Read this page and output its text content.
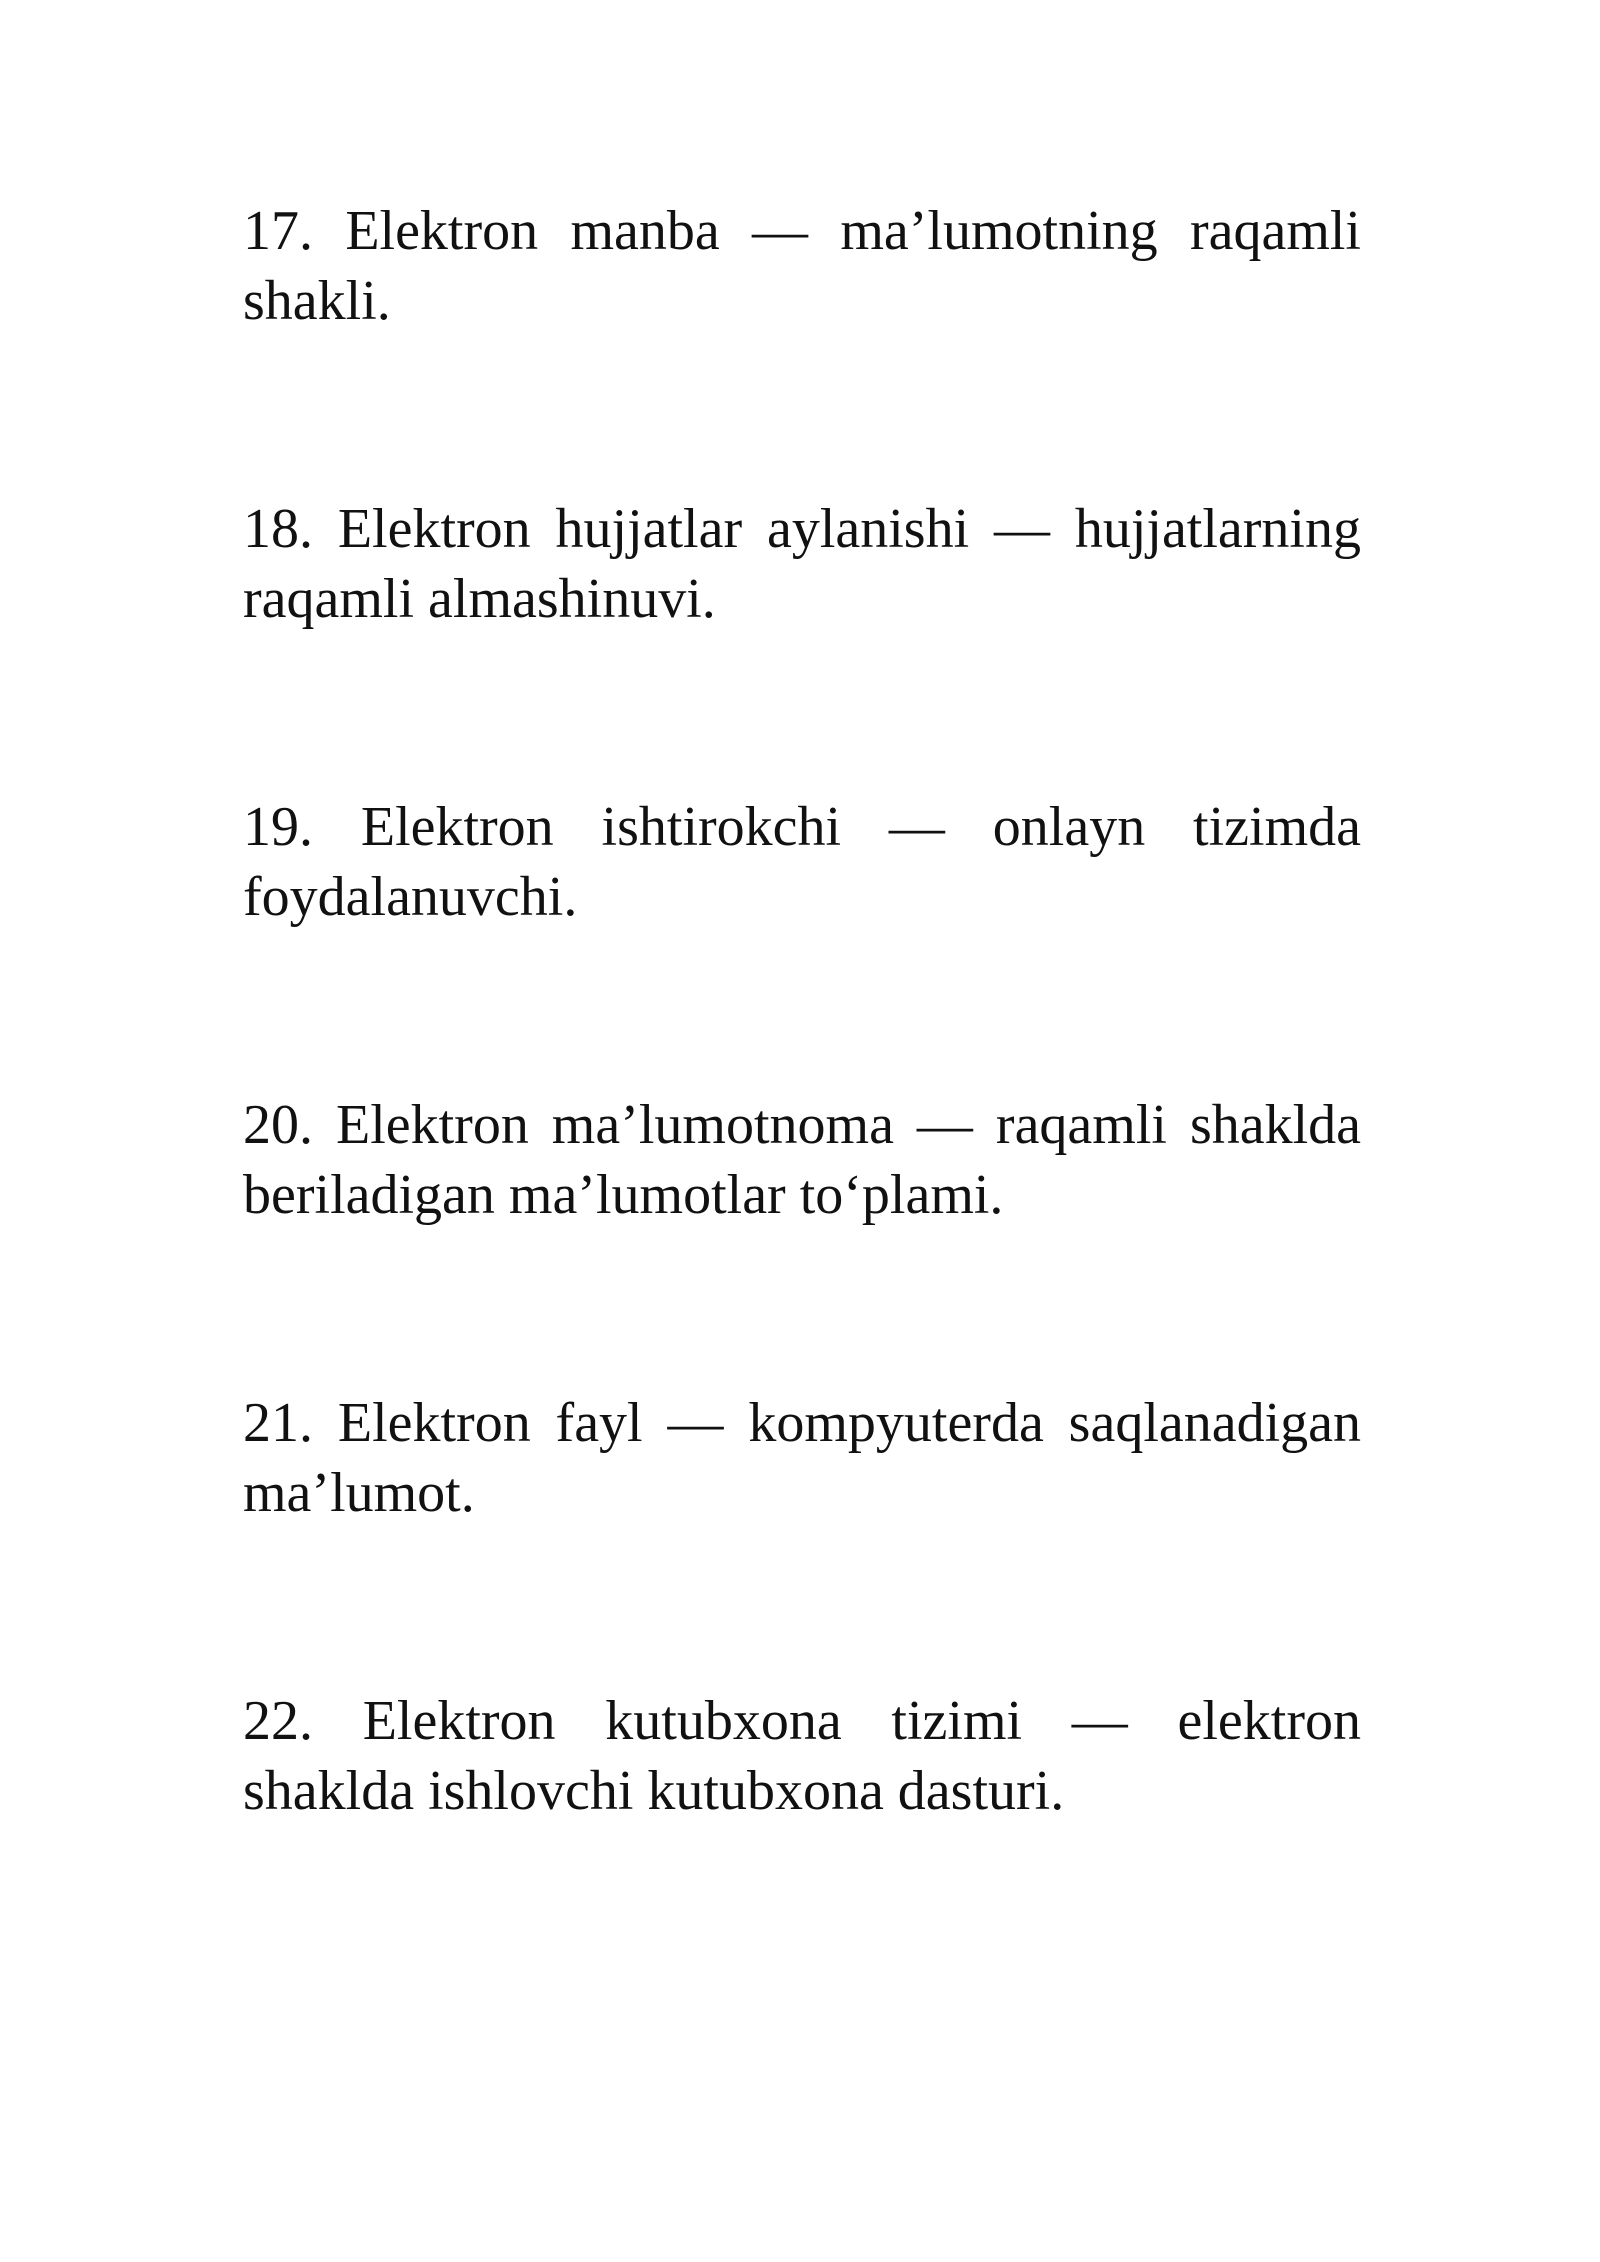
17. Elektron manba — ma’lumotning raqamli shakli.
18. Elektron hujjatlar aylanishi — hujjatlarning raqamli almashinuvi.
19. Elektron ishtirokchi — onlayn tizimda foydalanuvchi.
20. Elektron ma’lumotnoma — raqamli shaklda beriladigan ma’lumotlar to‘plami.
21. Elektron fayl — kompyuterda saqlanadigan ma’lumot.
22. Elektron kutubxona tizimi — elektron shaklda ishlovchi kutubxona dasturi.
